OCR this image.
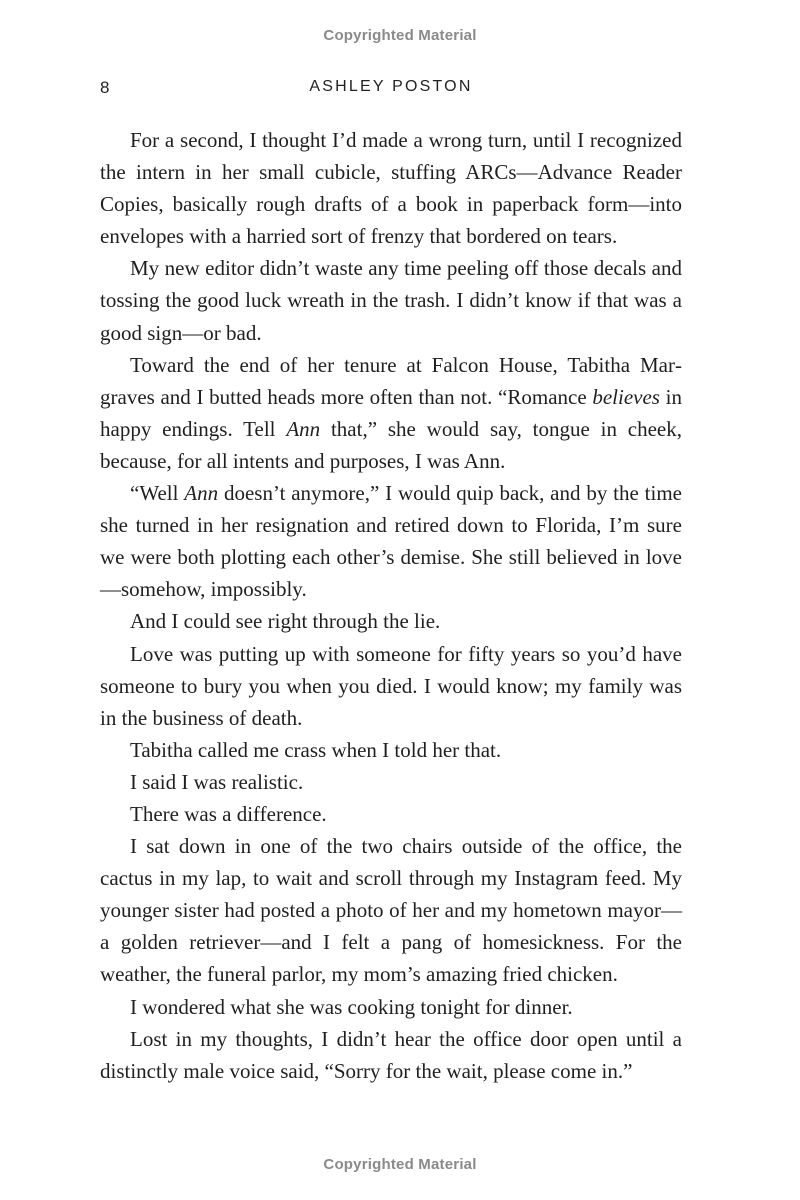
Copyrighted Material
8	ASHLEY POSTON

For a second, I thought I’d made a wrong turn, until I recognized the intern in her small cubicle, stuffing ARCs—Advance Reader Copies, basically rough drafts of a book in paperback form—into envelopes with a harried sort of frenzy that bordered on tears.

My new editor didn’t waste any time peeling off those decals and tossing the good luck wreath in the trash. I didn’t know if that was a good sign—or bad.

Toward the end of her tenure at Falcon House, Tabitha Margraves and I butted heads more often than not. “Romance believes in happy endings. Tell Ann that,” she would say, tongue in cheek, because, for all intents and purposes, I was Ann.

“Well Ann doesn’t anymore,” I would quip back, and by the time she turned in her resignation and retired down to Florida, I’m sure we were both plotting each other’s demise. She still believed in love—somehow, impossibly.

And I could see right through the lie.

Love was putting up with someone for fifty years so you’d have someone to bury you when you died. I would know; my family was in the business of death.

Tabitha called me crass when I told her that.

I said I was realistic.

There was a difference.

I sat down in one of the two chairs outside of the office, the cactus in my lap, to wait and scroll through my Instagram feed. My younger sister had posted a photo of her and my hometown mayor—a golden retriever—and I felt a pang of homesickness. For the weather, the funeral parlor, my mom’s amazing fried chicken.

I wondered what she was cooking tonight for dinner.

Lost in my thoughts, I didn’t hear the office door open until a distinctly male voice said, “Sorry for the wait, please come in.”

Copyrighted Material
